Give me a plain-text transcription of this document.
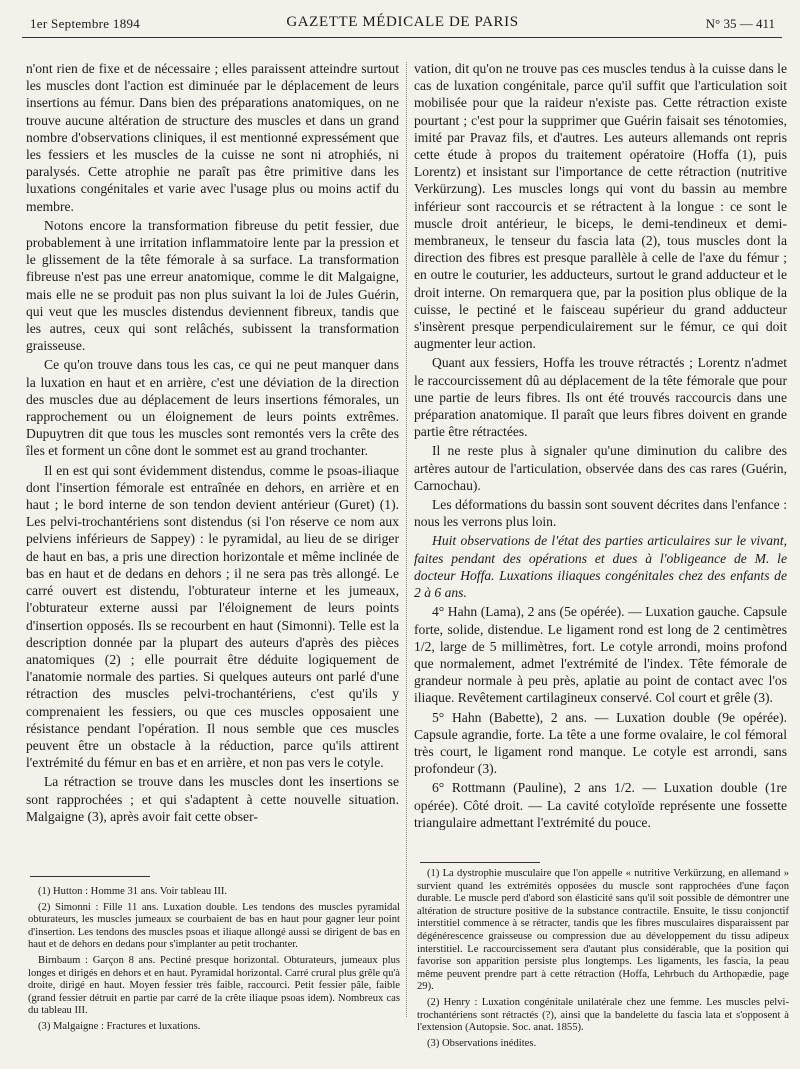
1er Septembre 1894	GAZETTE MÉDICALE DE PARIS	N° 35 — 411

n'ont rien de fixe et de nécessaire ; elles paraissent atteindre surtout les muscles dont l'action est diminuée par le déplacement de leurs insertions au fémur. Dans bien des préparations anatomiques, on ne trouve aucune altération de structure des muscles et dans un grand nombre d'observations cliniques, il est mentionné expressément que les fessiers et les muscles de la cuisse ne sont ni atrophiés, ni paralysés. Cette atrophie ne paraît pas être primitive dans les luxations congénitales et varie avec l'usage plus ou moins actif du membre.

Notons encore la transformation fibreuse du petit fessier, due probablement à une irritation inflammatoire lente par la pression et le glissement de la tête fémorale à sa surface. La transformation fibreuse n'est pas une erreur anatomique, comme le dit Malgaigne, mais elle ne se produit pas non plus suivant la loi de Jules Guérin, qui veut que les muscles distendus deviennent fibreux, tandis que les autres, ceux qui sont relâchés, subissent la transformation graisseuse.

Ce qu'on trouve dans tous les cas, ce qui ne peut manquer dans la luxation en haut et en arrière, c'est une déviation de la direction des muscles due au déplacement de leurs insertions fémorales, un rapprochement ou un éloignement de leurs points extrêmes. Dupuytren dit que tous les muscles sont remontés vers la crête des îles et forment un cône dont le sommet est au grand trochanter.

Il en est qui sont évidemment distendus, comme le psoas-iliaque dont l'insertion fémorale est entraînée en dehors, en arrière et en haut ; le bord interne de son tendon devient antérieur (Guret) (1). Les pelvi-trochantériens sont distendus (si l'on réserve ce nom aux pelviens inférieurs de Sappey) : le pyramidal, au lieu de se diriger de haut en bas, a pris une direction horizontale et même inclinée de bas en haut et de dedans en dehors ; il ne sera pas très allongé. Le carré ouvert est distendu, l'obturateur interne et les jumeaux, l'obturateur externe aussi par l'éloignement de leurs points d'insertion opposés. Ils se recourbent en haut (Simonni). Telle est la description donnée par la plupart des auteurs d'après des pièces anatomiques (2) ; elle pourrait être déduite logiquement de l'anatomie normale des parties. Si quelques auteurs ont parlé d'une rétraction des muscles pelvi-trochantériens, c'est qu'ils y comprenaient les fessiers, ou que ces muscles opposaient une résistance pendant l'opération. Il nous semble que ces muscles peuvent être un obstacle à la réduction, parce qu'ils attirent l'extrémité du fémur en bas et en arrière, et non pas vers le cotyle.

La rétraction se trouve dans les muscles dont les insertions se sont rapprochées ; et qui s'adaptent à cette nouvelle situation. Malgaigne (3), après avoir fait cette obser-

vation, dit qu'on ne trouve pas ces muscles tendus à la cuisse dans le cas de luxation congénitale, parce qu'il suffit que l'articulation soit mobilisée pour que la raideur n'existe pas. Cette rétraction existe pourtant ; c'est pour la supprimer que Guérin faisait ses ténotomies, imité par Pravaz fils, et d'autres. Les auteurs allemands ont repris cette étude à propos du traitement opératoire (Hoffa (1), puis Lorentz) et insistant sur l'importance de cette rétraction (nutritive Verkürzung). Les muscles longs qui vont du bassin au membre inférieur sont raccourcis et se rétractent à la longue : ce sont le muscle droit antérieur, le biceps, le demi-tendineux et demi-membraneux, le tenseur du fascia lata (2), tous muscles dont la direction des fibres est presque parallèle à celle de l'axe du fémur ; en outre le couturier, les adducteurs, surtout le grand adducteur et le droit interne. On remarquera que, par la position plus oblique de la cuisse, le pectiné et le faisceau supérieur du grand adducteur s'insèrent presque perpendiculairement sur le fémur, ce qui doit augmenter leur action.

Quant aux fessiers, Hoffa les trouve rétractés ; Lorentz n'admet le raccourcissement dû au déplacement de la tête fémorale que pour une partie de leurs fibres. Ils ont été trouvés raccourcis dans une préparation anatomique. Il paraît que leurs fibres doivent en grande partie être rétractées.

Il ne reste plus à signaler qu'une diminution du calibre des artères autour de l'articulation, observée dans des cas rares (Guérin, Carnochau).

Les déformations du bassin sont souvent décrites dans l'enfance : nous les verrons plus loin.

Huit observations de l'état des parties articulaires sur le vivant, faites pendant des opérations et dues à l'obligeance de M. le docteur Hoffa. Luxations iliaques congénitales chez des enfants de 2 à 6 ans.

4° Hahn (Lama), 2 ans (5e opérée). — Luxation gauche. Capsule forte, solide, distendue. Le ligament rond est long de 2 centimètres 1/2, large de 5 millimètres, fort. Le cotyle arrondi, moins profond que normalement, admet l'extrémité de l'index. Tête fémorale de grandeur normale à peu près, aplatie au point de contact avec l'os iliaque. Revêtement cartilagineux conservé. Col court et grêle (3).

5° Hahn (Babette), 2 ans. — Luxation double (9e opérée). Capsule agrandie, forte. La tête a une forme ovalaire, le col fémoral très court, le ligament rond manque. Le cotyle est arrondi, sans profondeur (3).

6° Rottmann (Pauline), 2 ans 1/2. — Luxation double (1re opérée). Côté droit. — La cavité cotyloïde représente une fossette triangulaire admettant l'extrémité du pouce.

(1) Hutton : Homme 31 ans. Voir tableau III.

(2) Simonni : Fille 11 ans. Luxation double. Les tendons des muscles pyramidal obturateurs, les muscles jumeaux se courbaient de bas en haut pour gagner leur point d'insertion. Les tendons des muscles psoas et iliaque allongé aussi se dirigent de bas en haut et de dehors en dedans pour s'implanter au petit trochanter.

Birnbaum : Garçon 8 ans. Pectiné presque horizontal. Obturateurs, jumeaux plus longes et dirigés en dehors et en haut. Pyramidal horizontal. Carré crural plus grêle qu'à droite, dirigé en haut. Moyen fessier très faible, raccourci. Petit fessier pâle, faible (grand fessier détruit en partie par carré de la crête iliaque psoas idem). Nombreux cas du tableau III.

(3) Malgaigne : Fractures et luxations.

(1) La dystrophie musculaire que l'on appelle « nutritive Verkürzung, en allemand » survient quand les extrémités opposées du muscle sont rapprochées d'une façon durable. Le muscle perd d'abord son élasticité sans qu'il soit possible de démontrer une altération de structure positive de la substance contractile. Ensuite, le tissu conjonctif interstitiel commence à se rétracter, tandis que les fibres musculaires disparaissent par dégénérescence graisseuse ou compression due au développement du tissu adipeux interstitiel. Le raccourcissement sera d'autant plus considérable, que la position qui favorise son apparition persiste plus longtemps. Les ligaments, les fascia, la peau même peuvent prendre part à cette rétraction (Hoffa, Lehrbuch du Arthopædie, page 29).

(2) Henry : Luxation congénitale unilatérale chez une femme. Les muscles pelvi-trochantériens sont rétractés (?), ainsi que la bandelette du fascia lata et s'opposent à l'extension (Autopsie. Soc. anat. 1855).

(3) Observations inédites.
